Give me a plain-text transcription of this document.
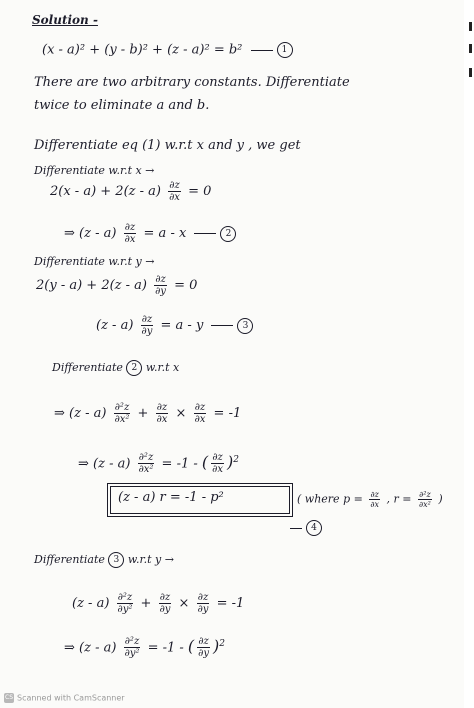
Solution -
(x - a)² + (y - b)² + (z - a)² = b²	1
There are two arbitrary constants. Differentiate
twice to eliminate a and b.
Differentiate eq (1) w.r.t x and y , we get
Differentiate w.r.t x →
$2(x - a) + 2(z - a) \frac{\partial z}{\partial x} = 0$
⇒ $(z - a) \frac{\partial z}{\partial x} = a - x$	2
Differentiate w.r.t y →
$2(y - a) + 2(z - a) \frac{\partial z}{\partial y} = 0$
$(z - a) \frac{\partial z}{\partial y} = a - y$	3
Differentiate 2 w.r.t x
⇒ $(z - a) \frac{\text{∂²z}}{\text{∂x²}} + \frac{\partial z}{\partial x} \times \frac{\partial z}{\partial x} = -1$
⇒ $(z - a) \frac{\text{∂²z}}{\text{∂x²}} = -1$ - ( $\frac{\partial z}{\partial x} )^2$
(z - a) r = -1 - p²	( where $p = \frac{\partial z}{\partial x}$ , $r = \frac{\text{∂²z}}{\text{∂x²}}$ )
4
Differentiate 3 w.r.t y →
$(z - a) \frac{\text{∂²z}}{\text{∂y²}} + \frac{\partial z}{\partial y} \times \frac{\partial z}{\partial y} = -1$
⇒ $(z - a) \frac{\text{∂²z}}{\text{∂y²}} = -1$ - ( $\frac{\partial z}{\partial y} )^2$
CS Scanned with CamScanner
